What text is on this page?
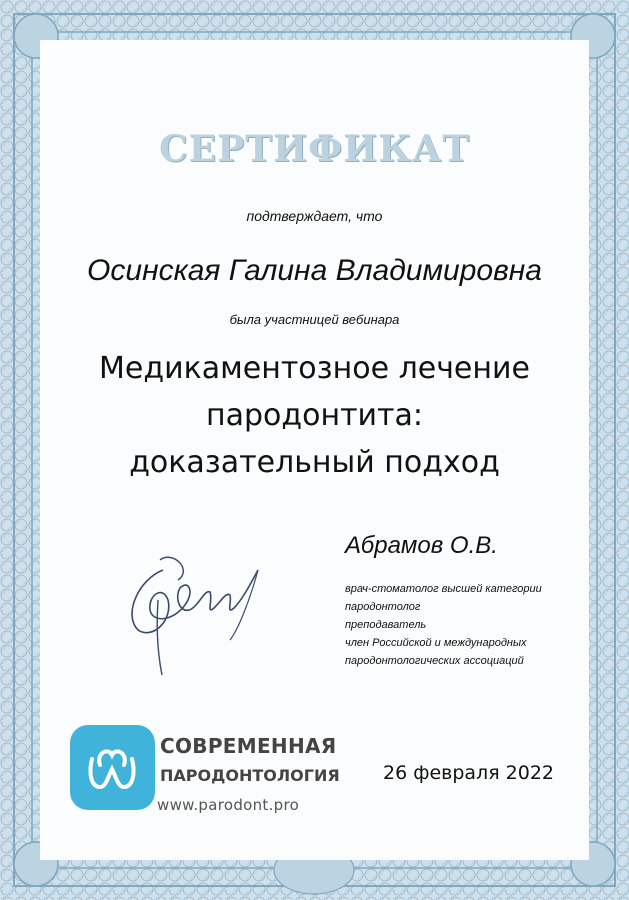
СЕРТИФИКАТ
подтверждает, что
Осинская Галина Владимировна
была участницей вебинара
Медикаментозное лечение
пародонтита:
доказательный подход
Абрамов О.В.
врач-стоматолог высшей категории
пародонтолог
преподаватель
член Российской и международных
пародонтологических ассоциаций
СОВРЕМЕННАЯ
ПАРОДОНТОЛОГИЯ
www.parodont.pro
26 февраля 2022
